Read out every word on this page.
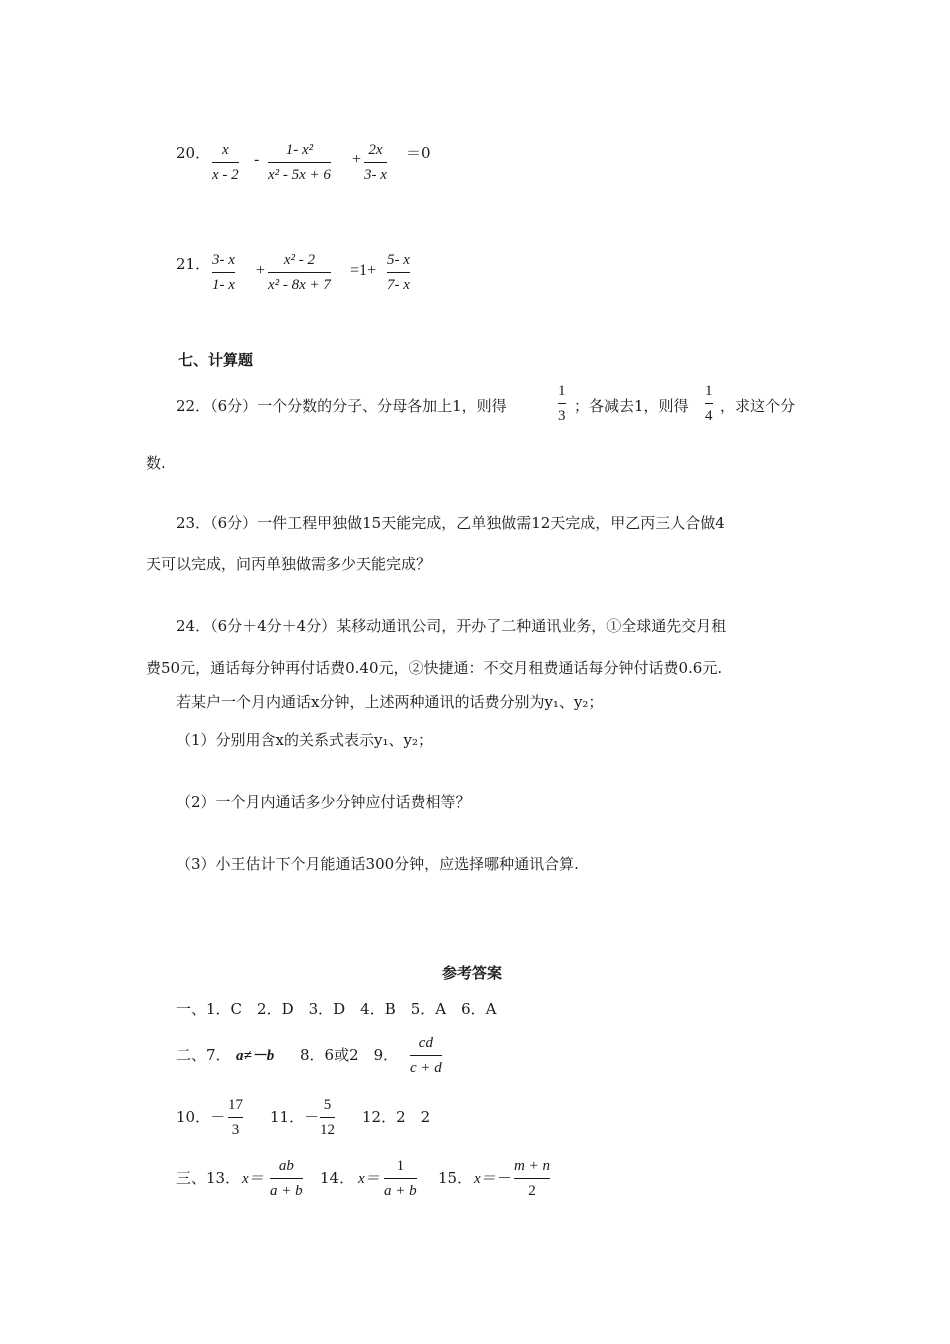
20． x
x - 2
-
1- x²
x² - 5x + 6
+
2x
3- x
＝0
21． 3- x
1- x
+
x² - 2
x² - 8x + 7
=1+
5- x
7- x
七、计算题
22．（6分）一个分数的分子、分母各加上1，则得
1
3
；各减去1，则得
1
4
，求这个分
数.
23．（6分）一件工程甲独做15天能完成，乙单独做需12天完成，甲乙丙三人合做4
天可以完成，问丙单独做需多少天能完成？
24．（6分＋4分＋4分）某移动通讯公司，开办了二种通讯业务，①全球通先交月租
费50元，通话每分钟再付话费0.40元，②快捷通：不交月租费通话每分钟付话费0.6元.
若某户一个月内通话x分钟，上述两种通讯的话费分别为y₁、y₂；
（1）分别用含x的关系式表示y₁、y₂；
（2）一个月内通话多少分钟应付话费相等？
（3）小王估计下个月能通话300分钟，应选择哪种通讯合算.
参考答案
一、1．C　2．D　3．D　4．B　5．A　6．A
二、7． a≠－b 8．6或2　9．
cd
c + d
10．－
17
3
11．－
5
12
12．2　2
三、13． x＝
ab
a + b
14． x＝
1
a + b
15． x＝－
m + n
2
